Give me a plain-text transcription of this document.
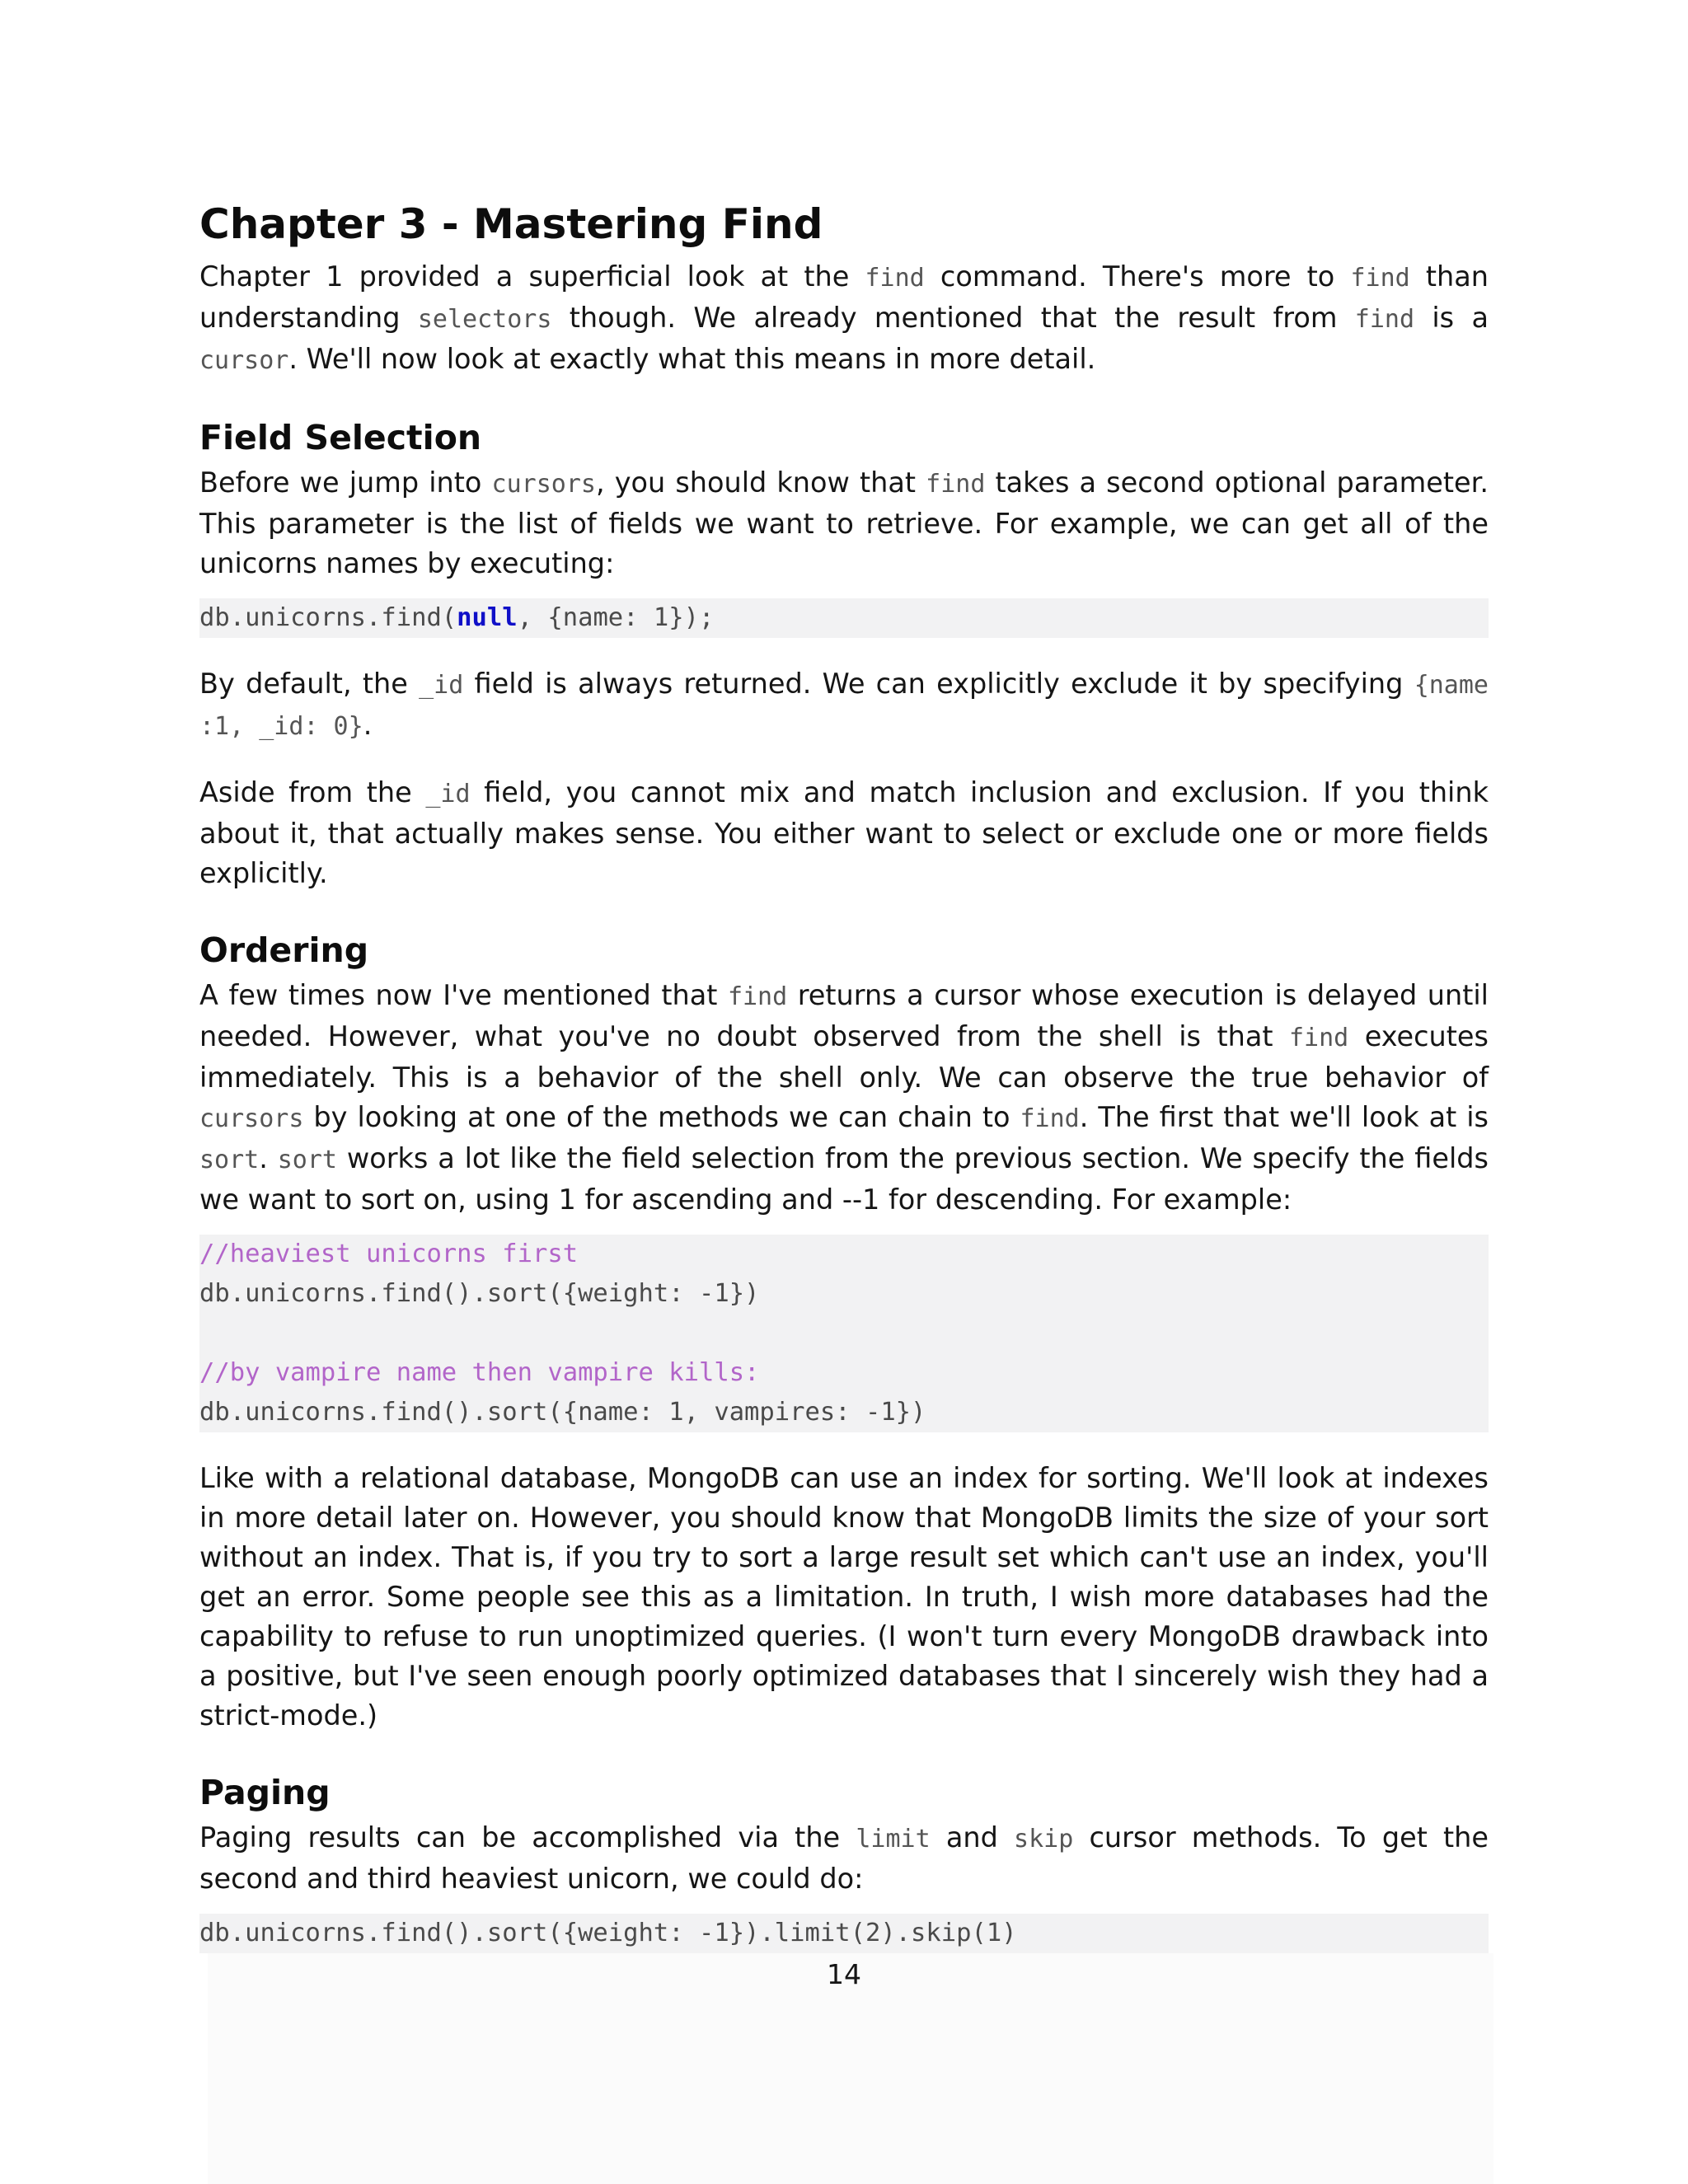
Chapter 3 - Mastering Find

Chapter 1 provided a superficial look at the find command. There's more to find than understanding selectors though. We already mentioned that the result from find is a cursor. We'll now look at exactly what this means in more detail.

Field Selection

Before we jump into cursors, you should know that find takes a second optional parameter. This parameter is the list of fields we want to retrieve. For example, we can get all of the unicorns names by executing:

db.unicorns.find(null, {name: 1});

By default, the _id field is always returned. We can explicitly exclude it by specifying {name :1, _id: 0}.

Aside from the _id field, you cannot mix and match inclusion and exclusion. If you think about it, that actually makes sense. You either want to select or exclude one or more fields explicitly.

Ordering

A few times now I've mentioned that find returns a cursor whose execution is delayed until needed. However, what you've no doubt observed from the shell is that find executes immediately. This is a behavior of the shell only. We can observe the true behavior of cursors by looking at one of the methods we can chain to find. The first that we'll look at is sort. sort works a lot like the field selection from the previous section. We specify the fields we want to sort on, using 1 for ascending and --1 for descending. For example:

//heaviest unicorns first
db.unicorns.find().sort({weight: -1})
//by vampire name then vampire kills:
db.unicorns.find().sort({name: 1, vampires: -1})

Like with a relational database, MongoDB can use an index for sorting. We'll look at indexes in more detail later on. However, you should know that MongoDB limits the size of your sort without an index. That is, if you try to sort a large result set which can't use an index, you'll get an error. Some people see this as a limitation. In truth, I wish more databases had the capability to refuse to run unoptimized queries. (I won't turn every MongoDB drawback into a positive, but I've seen enough poorly optimized databases that I sincerely wish they had a strict-mode.)

Paging

Paging results can be accomplished via the limit and skip cursor methods. To get the second and third heaviest unicorn, we could do:

db.unicorns.find().sort({weight: -1}).limit(2).skip(1)
14
